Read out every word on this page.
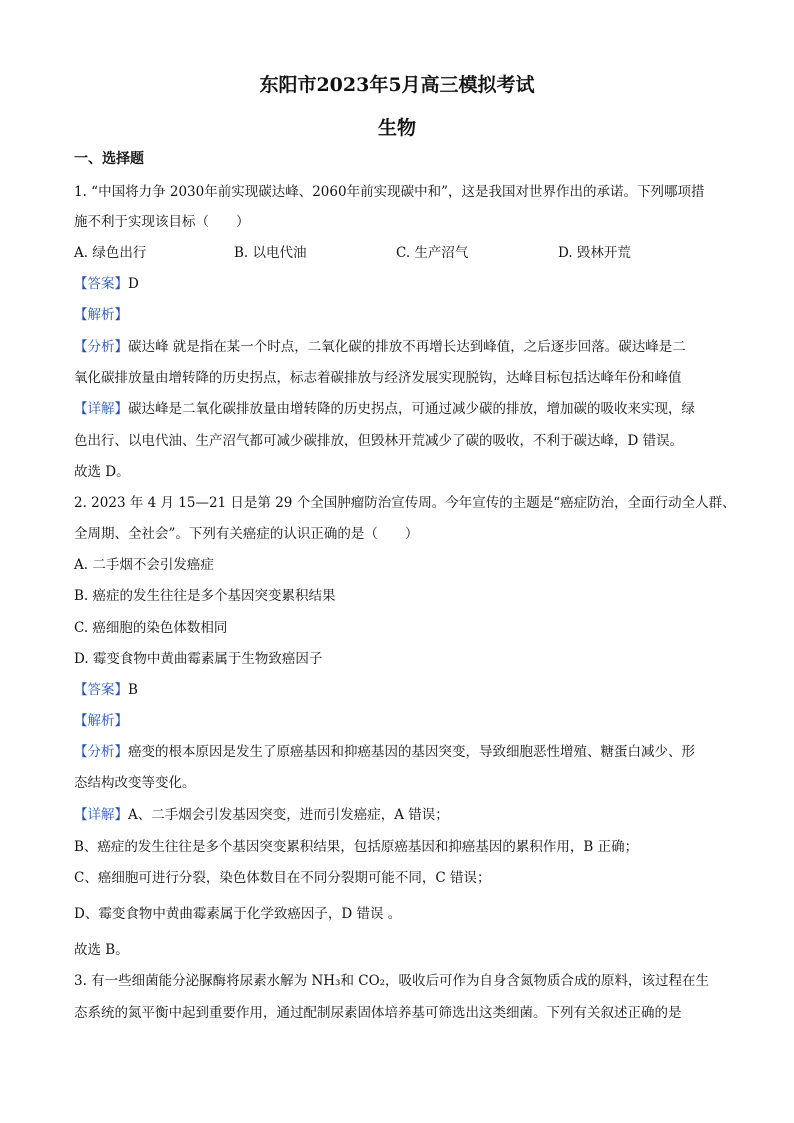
东阳市2023年5月高三模拟考试
生物
一、选择题
1. “中国将力争 2030年前实现碳达峰、2060年前实现碳中和”，这是我国对世界作出的承诺。下列哪项措
施不利于实现该目标（　　）
A. 绿色出行	B. 以电代油	C. 生产沼气	D. 毁林开荒
【答案】D
【解析】
【分析】碳达峰 就是指在某一个时点，二氧化碳的排放不再增长达到峰值，之后逐步回落。碳达峰是二
氧化碳排放量由增转降的历史拐点，标志着碳排放与经济发展实现脱钩，达峰目标包括达峰年份和峰值
【详解】碳达峰是二氧化碳排放量由增转降的历史拐点，可通过减少碳的排放，增加碳的吸收来实现，绿
色出行、以电代油、生产沼气都可减少碳排放，但毁林开荒减少了碳的吸收，不利于碳达峰，D 错误。
故选 D。
2. 2023 年 4 月 15—21 日是第 29 个全国肿瘤防治宣传周。今年宣传的主题是“癌症防治，全面行动全人群、
全周期、全社会”。下列有关癌症的认识正确的是（　　）
A. 二手烟不会引发癌症
B. 癌症的发生往往是多个基因突变累积结果
C. 癌细胞的染色体数相同
D. 霉变食物中黄曲霉素属于生物致癌因子
【答案】B
【解析】
【分析】癌变的根本原因是发生了原癌基因和抑癌基因的基因突变，导致细胞恶性增殖、糖蛋白减少、形
态结构改变等变化。
【详解】A、二手烟会引发基因突变，进而引发癌症，A 错误；
B、癌症的发生往往是多个基因突变累积结果，包括原癌基因和抑癌基因的累积作用，B 正确；
C、癌细胞可进行分裂，染色体数目在不同分裂期可能不同，C 错误；
D、霉变食物中黄曲霉素属于化学致癌因子，D 错误 。
故选 B。
3. 有一些细菌能分泌脲酶将尿素水解为 NH₃和 CO₂，吸收后可作为自身含氮物质合成的原料，该过程在生
态系统的氮平衡中起到重要作用，通过配制尿素固体培养基可筛选出这类细菌。下列有关叙述正确的是
